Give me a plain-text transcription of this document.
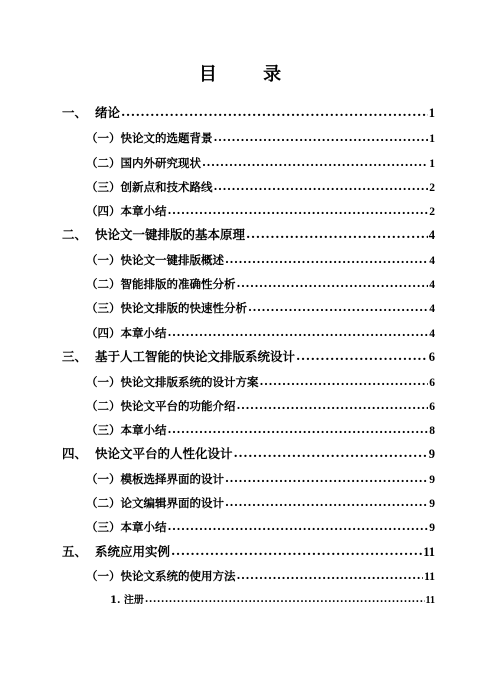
目 录
一、 绪论 .....	1
（一）快论文的选题背景 .....	1
（二）国内外研究现状 .....	1
（三）创新点和技术路线 .....	2
（四）本章小结 .....	2
二、 快论文一键排版的基本原理 .....	4
（一）快论文一键排版概述 .....	4
（二）智能排版的准确性分析 .....	4
（三）快论文排版的快速性分析 .....	4
（四）本章小结 .....	4
三、 基于人工智能的快论文排版系统设计 .....	6
（一）快论文排版系统的设计方案 .....	6
（二）快论文平台的功能介绍 .....	6
（三）本章小结 .....	8
四、 快论文平台的人性化设计 .....	9
（一）模板选择界面的设计 .....	9
（二）论文编辑界面的设计 .....	9
（三）本章小结 .....	9
五、 系统应用实例 .....	11
（一）快论文系统的使用方法 .....	11
1. 注册 .....	11
